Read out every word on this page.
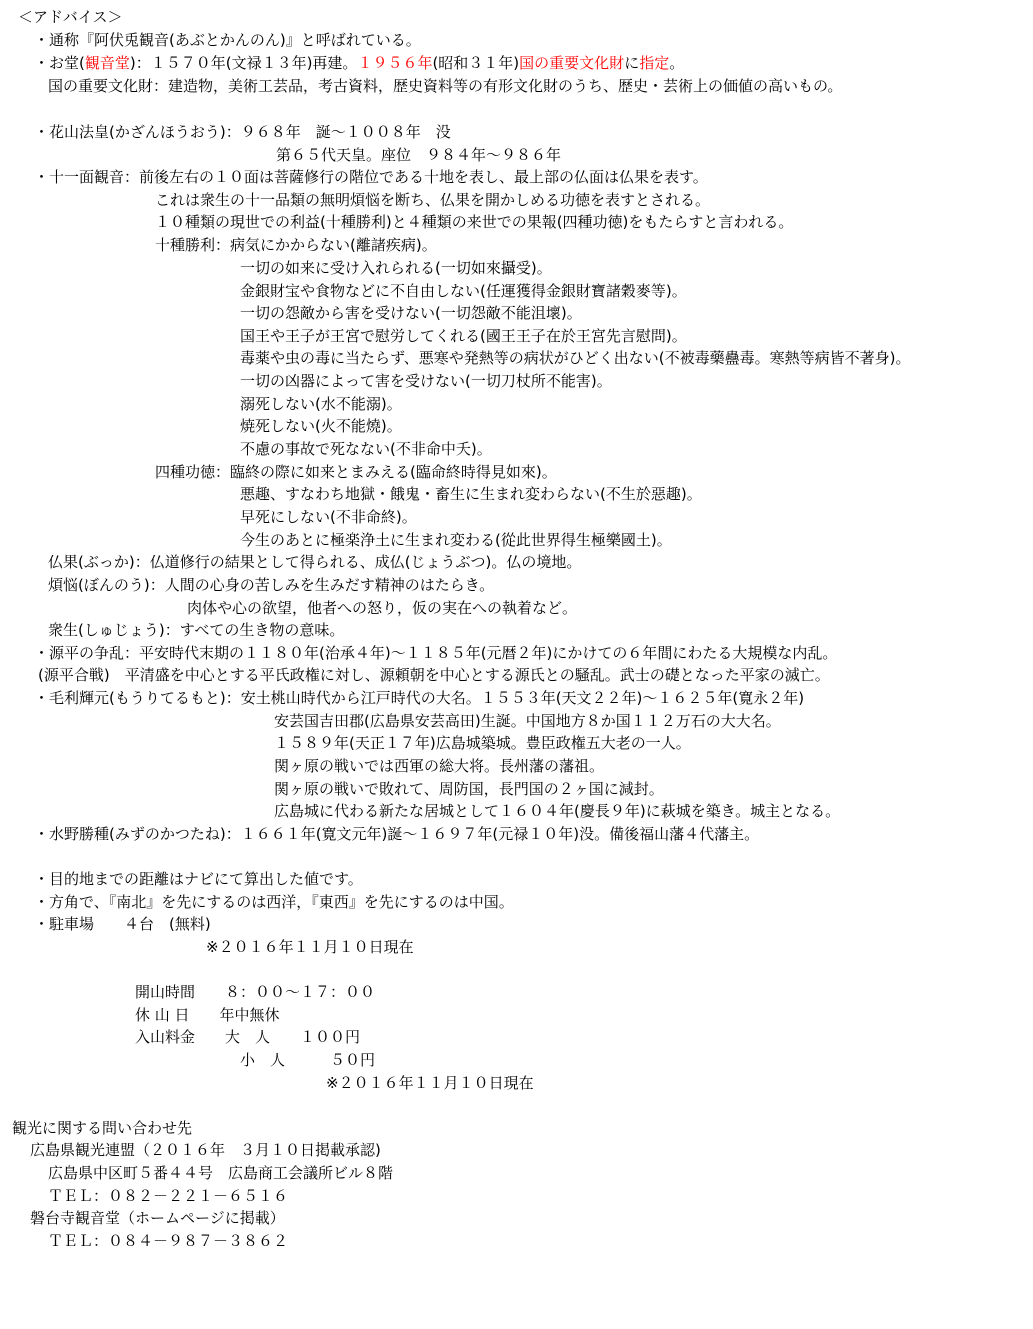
＜アドバイス＞
・通称『阿伏兎観音(あぶとかんのん)』と呼ばれている。
・お堂(観音堂)：１５７０年(文禄１３年)再建。１９５６年(昭和３１年)国の重要文化財に指定。
国の重要文化財：建造物，美術工芸品，考古資料，歴史資料等の有形文化財のうち、歴史・芸術上の価値の高いもの。
・花山法皇(かざんほうおう)：９６８年　誕～１００８年　没
第６５代天皇。座位　９８４年～９８６年
・十一面観音：前後左右の１０面は菩薩修行の階位である十地を表し、最上部の仏面は仏果を表す。
これは衆生の十一品類の無明煩悩を断ち、仏果を開かしめる功徳を表すとされる。
１０種類の現世での利益(十種勝利)と４種類の来世での果報(四種功徳)をもたらすと言われる。
十種勝利：病気にかからない(離諸疾病)。
一切の如来に受け入れられる(一切如來攝受)。
金銀財宝や食物などに不自由しない(任運獲得金銀財寶諸穀麥等)。
一切の怨敵から害を受けない(一切怨敵不能沮壞)。
国王や王子が王宮で慰労してくれる(國王王子在於王宮先言慰問)。
毒薬や虫の毒に当たらず、悪寒や発熱等の病状がひどく出ない(不被毒藥蠱毒。寒熱等病皆不著身)。
一切の凶器によって害を受けない(一切刀杖所不能害)。
溺死しない(水不能溺)。
焼死しない(火不能燒)。
不慮の事故で死なない(不非命中夭)。
四種功徳：臨終の際に如来とまみえる(臨命終時得見如來)。
悪趣、すなわち地獄・餓鬼・畜生に生まれ変わらない(不生於惡趣)。
早死にしない(不非命終)。
今生のあとに極楽浄土に生まれ変わる(從此世界得生極樂國土)。
仏果(ぶっか)：仏道修行の結果として得られる、成仏(じょうぶつ)。仏の境地。
煩悩(ぼんのう)：人間の心身の苦しみを生みだす精神のはたらき。
肉体や心の欲望，他者への怒り，仮の実在への執着など。
衆生(しゅじょう)：すべての生き物の意味。
・源平の争乱：平安時代末期の１１８０年(治承４年)～１１８５年(元暦２年)にかけての６年間にわたる大規模な内乱。
(源平合戦)　平清盛を中心とする平氏政権に対し、源頼朝を中心とする源氏との騒乱。武士の礎となった平家の滅亡。
・毛利輝元(もうりてるもと)：安土桃山時代から江戸時代の大名。１５５３年(天文２２年)～１６２５年(寛永２年)
安芸国吉田郡(広島県安芸高田)生誕。中国地方８か国１１２万石の大大名。
１５８９年(天正１７年)広島城築城。豊臣政権五大老の一人。
関ヶ原の戦いでは西軍の総大将。長州藩の藩祖。
関ヶ原の戦いで敗れて、周防国，長門国の２ヶ国に減封。
広島城に代わる新たな居城として１６０４年(慶長９年)に萩城を築き。城主となる。
・水野勝種(みずのかつたね)：１６６１年(寛文元年)誕～１６９７年(元禄１０年)没。備後福山藩４代藩主。
・目的地までの距離はナビにて算出した値です。
・方角で、『南北』を先にするのは西洋，『東西』を先にするのは中国。
・駐車場　　４台　(無料)
※２０１６年１１月１０日現在
開山時間　　８：００～１７：００
休 山 日　　年中無休
入山料金　　大　人　　１００円
小　人　　　５０円
※２０１６年１１月１０日現在
観光に関する問い合わせ先
広島県観光連盟（２０１６年　３月１０日掲載承認)
広島県中区町５番４４号　広島商工会議所ビル８階
ＴＥＬ：０８２－２２１－６５１６
磐台寺観音堂（ホームページに掲載）
ＴＥＬ：０８４－９８７－３８６２
